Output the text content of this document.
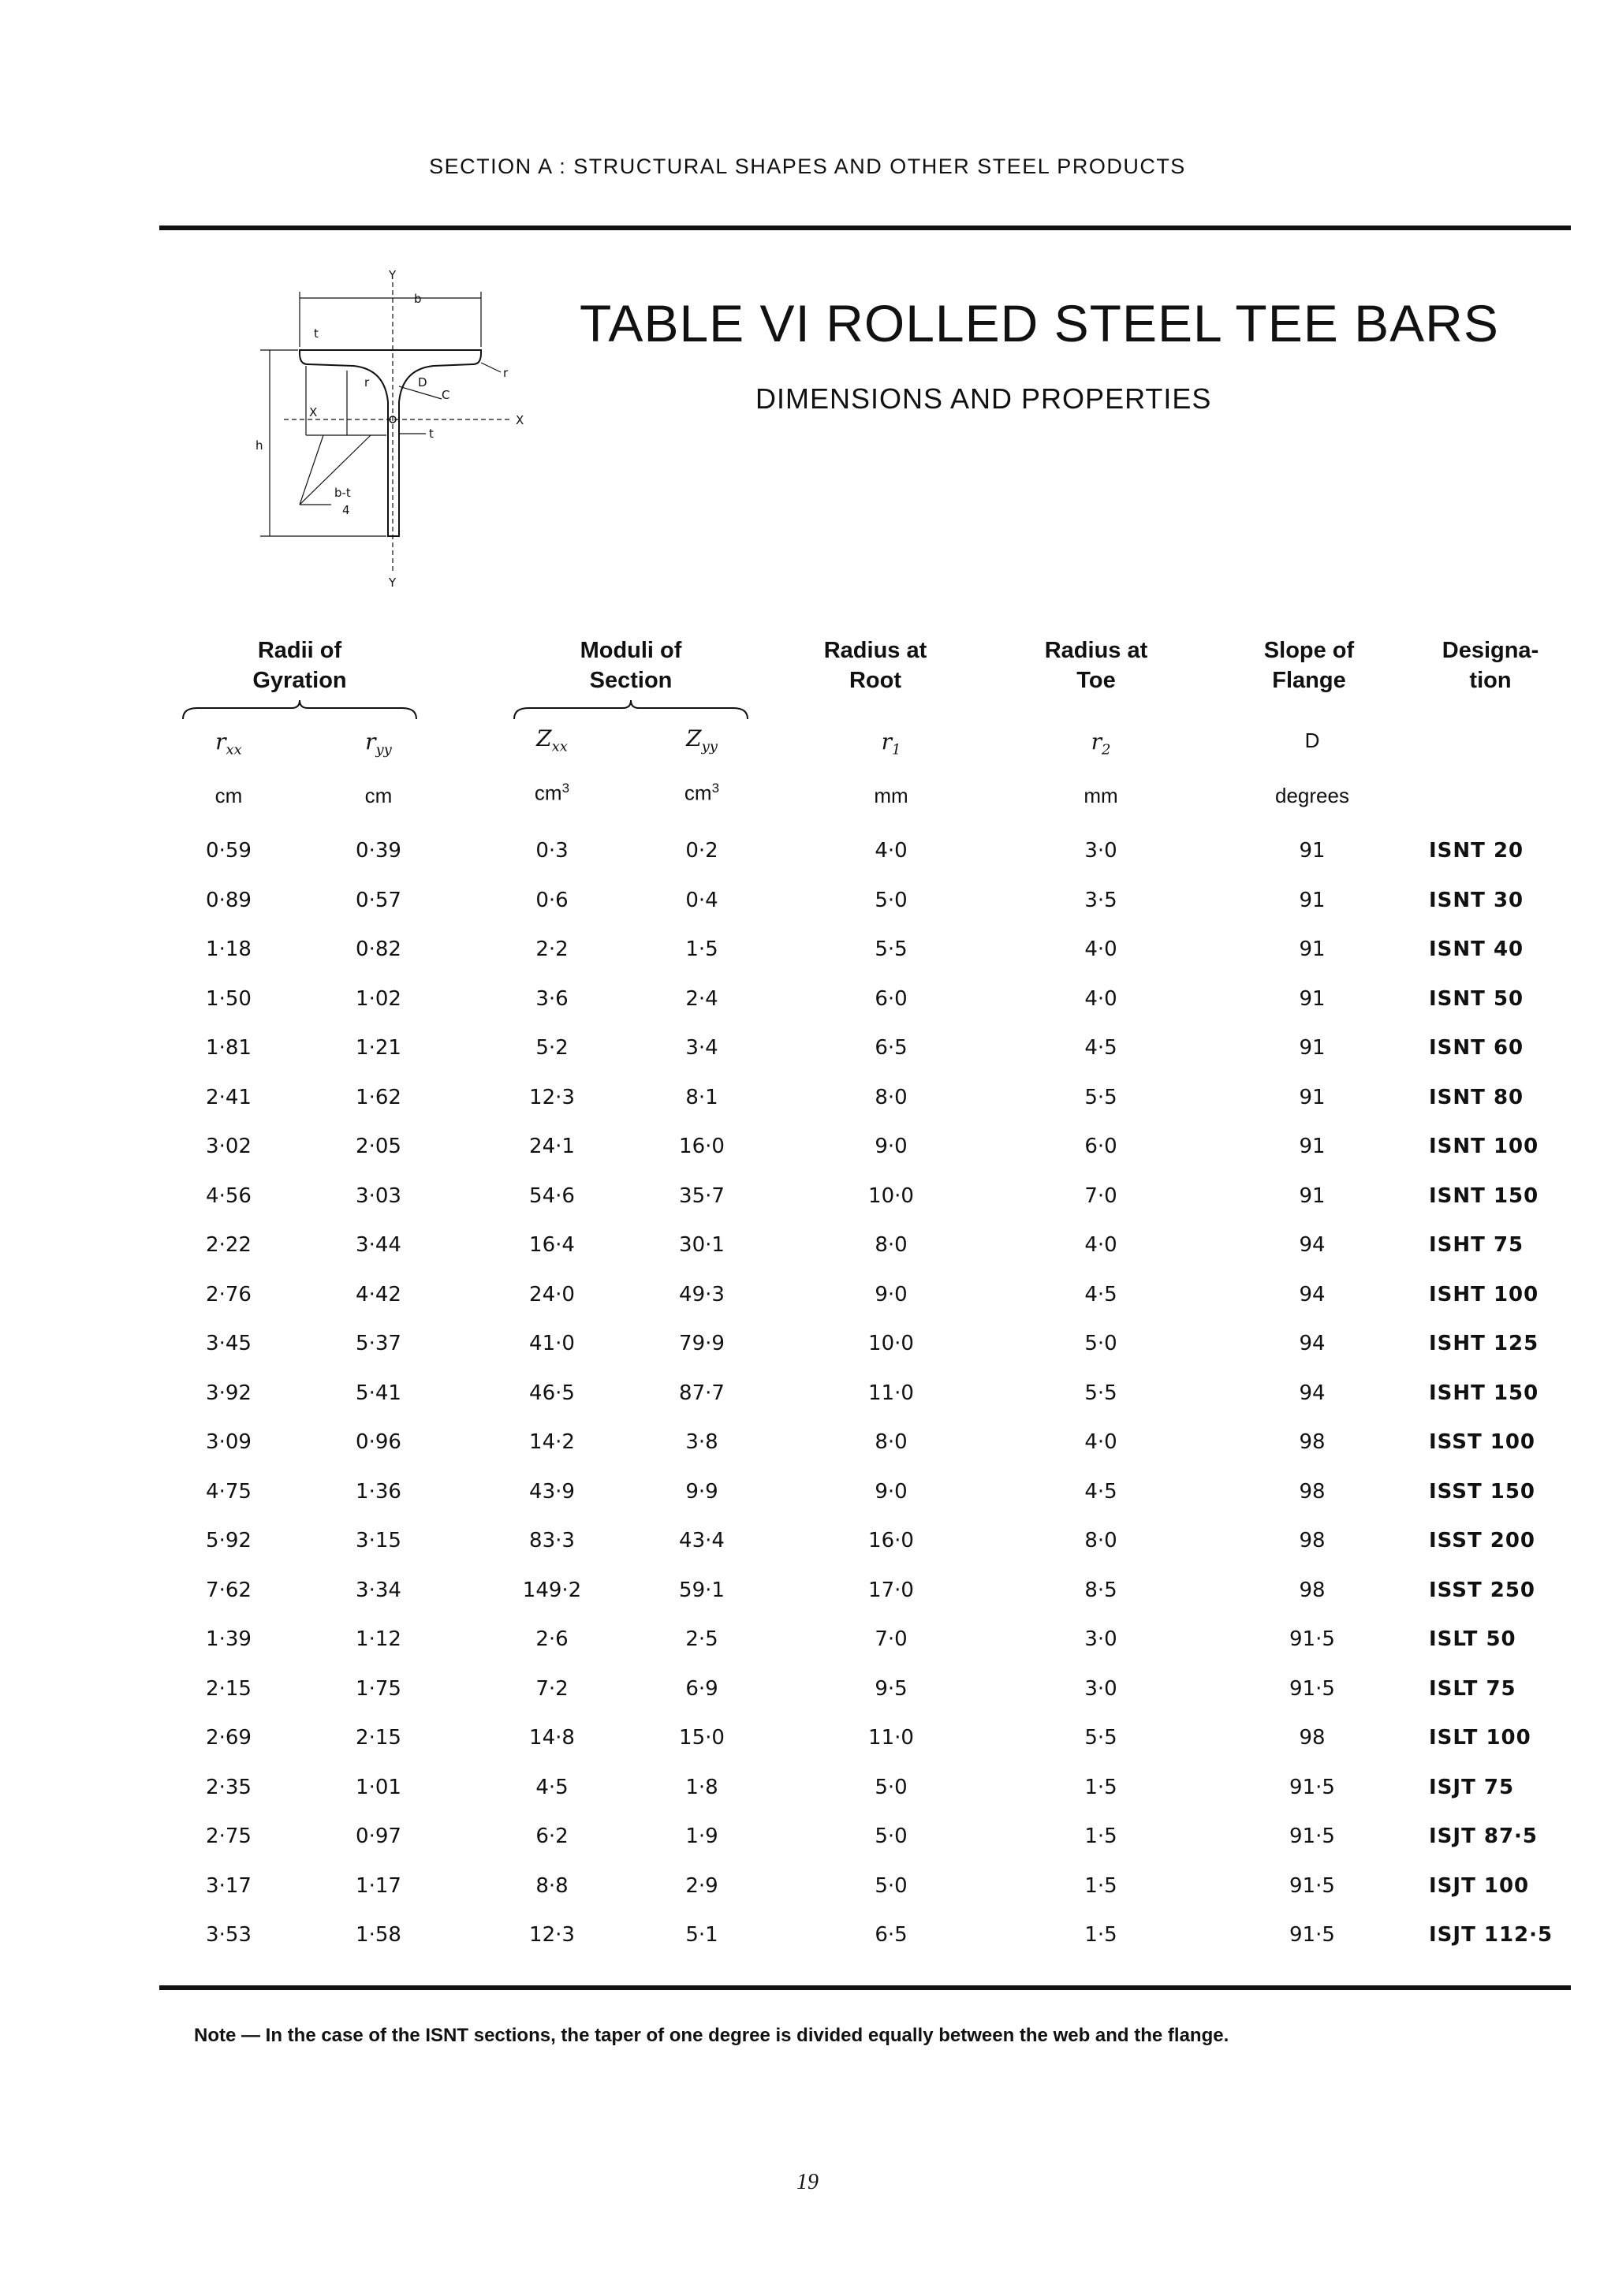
SECTION A : STRUCTURAL SHAPES AND OTHER STEEL PRODUCTS
Y
Y
b
t
r	D
C
r
X
X
h
t
b-t
4
TABLE VI ROLLED STEEL TEE BARS
DIMENSIONS AND PROPERTIES
Radii of
Gyration
Moduli of
Section
Radius at
Root
Radius at
Toe
Slope of
Flange
Designa-
tion
$r_{xx}$	$r_{yy}$	$Z_{xx}$	$Z_{yy}$	$r_1$	$r_2$	D
cm	cm	$cm^3$	$cm^3$	mm	mm	degrees
0·59	0·39	0·3	0·2	4·0	3·0	91	ISNT 20
0·89	0·57	0·6	0·4	5·0	3·5	91	ISNT 30
1·18	0·82	2·2	1·5	5·5	4·0	91	ISNT 40
1·50	1·02	3·6	2·4	6·0	4·0	91	ISNT 50
1·81	1·21	5·2	3·4	6·5	4·5	91	ISNT 60
2·41	1·62	12·3	8·1	8·0	5·5	91	ISNT 80
3·02	2·05	24·1	16·0	9·0	6·0	91	ISNT 100
4·56	3·03	54·6	35·7	10·0	7·0	91	ISNT 150
2·22	3·44	16·4	30·1	8·0	4·0	94	ISHT 75
2·76	4·42	24·0	49·3	9·0	4·5	94	ISHT 100
3·45	5·37	41·0	79·9	10·0	5·0	94	ISHT 125
3·92	5·41	46·5	87·7	11·0	5·5	94	ISHT 150
3·09	0·96	14·2	3·8	8·0	4·0	98	ISST 100
4·75	1·36	43·9	9·9	9·0	4·5	98	ISST 150
5·92	3·15	83·3	43·4	16·0	8·0	98	ISST 200
7·62	3·34	149·2	59·1	17·0	8·5	98	ISST 250
1·39	1·12	2·6	2·5	7·0	3·0	91·5	ISLT 50
2·15	1·75	7·2	6·9	9·5	3·0	91·5	ISLT 75
2·69	2·15	14·8	15·0	11·0	5·5	98	ISLT 100
2·35	1·01	4·5	1·8	5·0	1·5	91·5	ISJT 75
2·75	0·97	6·2	1·9	5·0	1·5	91·5	ISJT 87·5
3·17	1·17	8·8	2·9	5·0	1·5	91·5	ISJT 100
3·53	1·58	12·3	5·1	6·5	1·5	91·5	ISJT 112·5
Note — In the case of the ISNT sections, the taper of one degree is divided equally between the web and the flange.
19
